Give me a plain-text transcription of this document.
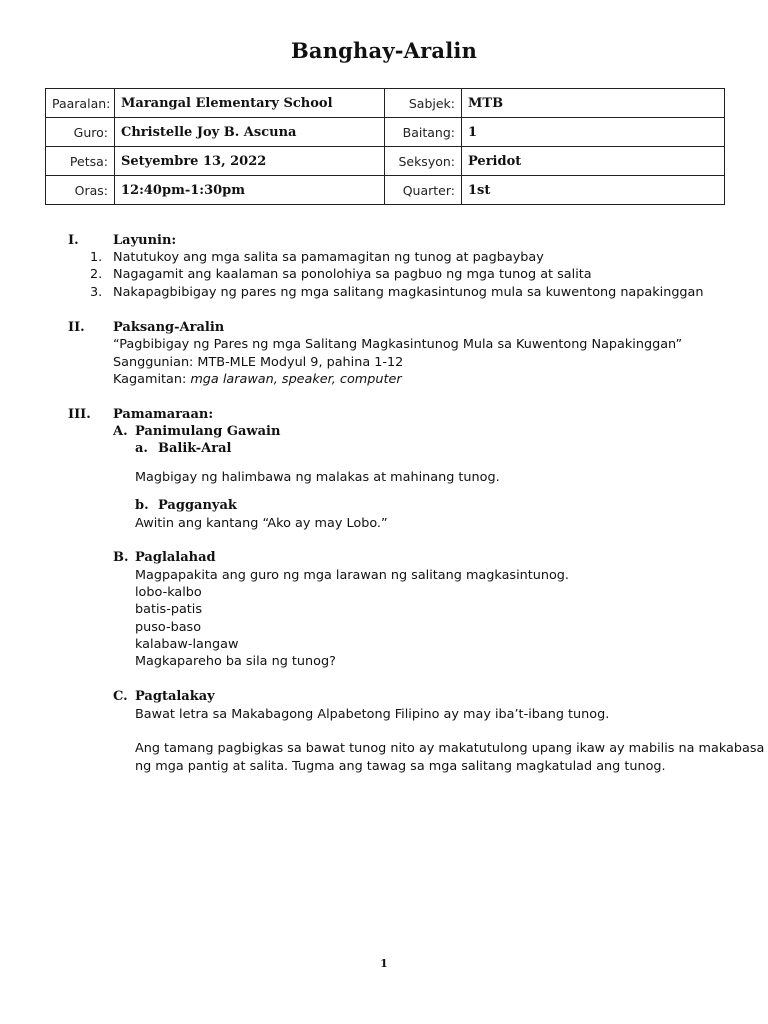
Banghay-Aralin
Paaralan:	Marangal Elementary School	Sabjek:	MTB
Guro:	Christelle Joy B. Ascuna	Baitang:	1
Petsa:	Setyembre 13, 2022	Seksyon:	Peridot
Oras:	12:40pm-1:30pm	Quarter:	1st
I.	Layunin:
1. Natutukoy ang mga salita sa pamamagitan ng tunog at pagbaybay
2. Nagagamit ang kaalaman sa ponolohiya sa pagbuo ng mga tunog at salita
3. Nakapagbibigay ng pares ng mga salitang magkasintunog mula sa kuwentong napakinggan
II. Paksang-Aralin
“Pagbibigay ng Pares ng mga Salitang Magkasintunog Mula sa Kuwentong Napakinggan”
Sanggunian: MTB-MLE Modyul 9, pahina 1-12
Kagamitan: mga larawan, speaker, computer
III. Pamamaraan:
A. Panimulang Gawain
a. Balik-Aral
Magbigay ng halimbawa ng malakas at mahinang tunog.
b. Pagganyak
Awitin ang kantang “Ako ay may Lobo.”
B. Paglalahad
Magpapakita ang guro ng mga larawan ng salitang magkasintunog.
lobo-kalbo
batis-patis
puso-baso
kalabaw-langaw
Magkapareho ba sila ng tunog?
C. Pagtalakay
Bawat letra sa Makabagong Alpabetong Filipino ay may iba’t-ibang tunog.
Ang tamang pagbigkas sa bawat tunog nito ay makatutulong upang ikaw ay mabilis na makabasa
ng mga pantig at salita. Tugma ang tawag sa mga salitang magkatulad ang tunog.
1
